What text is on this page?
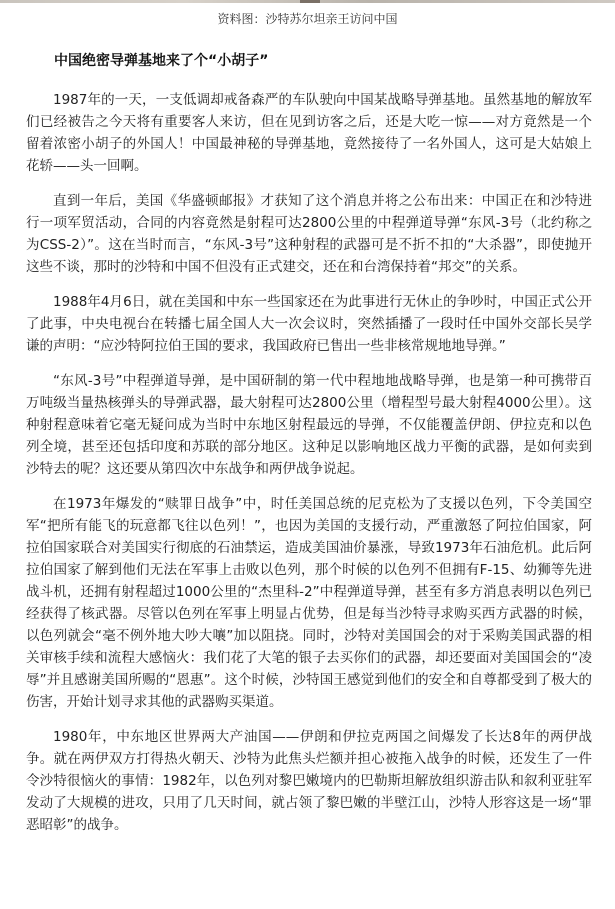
资料图：沙特苏尔坦亲王访问中国
中国绝密导弹基地来了个“小胡子”

1987年的一天，一支低调却戒备森严的车队驶向中国某战略导弹基地。虽然基地的解放军们已经被告之今天将有重要客人来访，但在见到访客之后，还是大吃一惊——对方竟然是一个留着浓密小胡子的外国人！中国最神秘的导弹基地，竟然接待了一名外国人，这可是大姑娘上花轿——头一回啊。

直到一年后，美国《华盛顿邮报》才获知了这个消息并将之公布出来：中国正在和沙特进行一项军贸活动，合同的内容竟然是射程可达2800公里的中程弹道导弹“东风-3号（北约称之为CSS-2）”。这在当时而言，“东风-3号”这种射程的武器可是不折不扣的“大杀器”，即使抛开这些不谈，那时的沙特和中国不但没有正式建交，还在和台湾保持着“邦交”的关系。

1988年4月6日，就在美国和中东一些国家还在为此事进行无休止的争吵时，中国正式公开了此事，中央电视台在转播七届全国人大一次会议时，突然插播了一段时任中国外交部长吴学谦的声明：“应沙特阿拉伯王国的要求，我国政府已售出一些非核常规地地导弹。”

“东风-3号”中程弹道导弹，是中国研制的第一代中程地地战略导弹，也是第一种可携带百万吨级当量热核弹头的导弹武器，最大射程可达2800公里（增程型号最大射程4000公里）。这种射程意味着它毫无疑问成为当时中东地区射程最远的导弹，不仅能覆盖伊朗、伊拉克和以色列全境，甚至还包括印度和苏联的部分地区。这种足以影响地区战力平衡的武器，是如何卖到沙特去的呢？这还要从第四次中东战争和两伊战争说起。

在1973年爆发的“赎罪日战争”中，时任美国总统的尼克松为了支援以色列，下令美国空军“把所有能飞的玩意都飞往以色列！”，也因为美国的支援行动，严重激怒了阿拉伯国家，阿拉伯国家联合对美国实行彻底的石油禁运，造成美国油价暴涨，导致1973年石油危机。此后阿拉伯国家了解到他们无法在军事上击败以色列，那个时候的以色列不但拥有F-15、幼狮等先进战斗机，还拥有射程超过1000公里的“杰里科-2”中程弹道导弹，甚至有多方消息表明以色列已经获得了核武器。尽管以色列在军事上明显占优势，但是每当沙特寻求购买西方武器的时候，以色列就会“毫不例外地大吵大嚷”加以阻挠。同时，沙特对美国国会的对于采购美国武器的相关审核手续和流程大感恼火：我们花了大笔的银子去买你们的武器，却还要面对美国国会的“凌辱”并且感谢美国所赐的“恩惠”。这个时候，沙特国王感觉到他们的安全和自尊都受到了极大的伤害，开始计划寻求其他的武器购买渠道。

1980年，中东地区世界两大产油国——伊朗和伊拉克两国之间爆发了长达8年的两伊战争。就在两伊双方打得热火朝天、沙特为此焦头烂额并担心被拖入战争的时候，还发生了一件令沙特很恼火的事情：1982年，以色列对黎巴嫩境内的巴勒斯坦解放组织游击队和叙利亚驻军发动了大规模的进攻，只用了几天时间，就占领了黎巴嫩的半壁江山，沙特人形容这是一场“罪恶昭彰”的战争。
